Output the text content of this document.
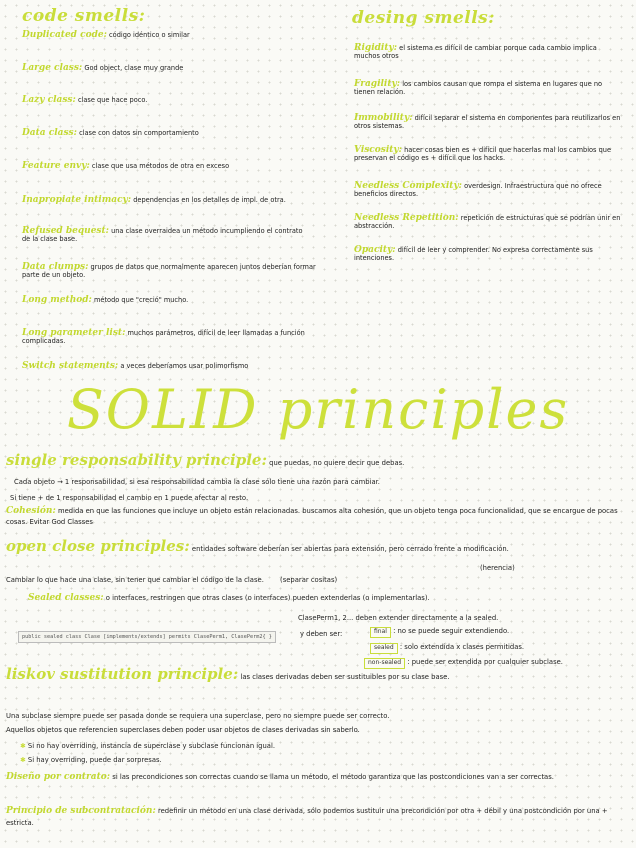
code smells:
Duplicated code: código idéntico o similar
Large class: God object, clase muy grande
Lazy class: clase que hace poco.
Data class: clase con datos sin comportamiento
Feature envy: clase que usa métodos de otra en exceso
Inapropiate intimacy: dependencias en los detalles de impl. de otra.
Refused bequest: una clase overraidea un método incumpliendo el contrato de la clase base.
Data clumps: grupos de datos que normalmente aparecen juntos deberían formar parte de un objeto.
Long method: método que "creció" mucho.
Long parameter list: muchos parámetros, difícil de leer llamadas a función complicadas.
Switch statements: a veces deberíamos usar polimorfismo
desing smells:
Rigidity: el sistema es difícil de cambiar porque cada cambio implica muchos otros
Fragility: los cambios causan que rompa el sistema en lugares que no tienen relación.
Immobility: difícil separar el sistema en componentes para reutilizarlos en otros sistemas.
Viscosity: hacer cosas bien es + difícil que hacerlas mal los cambios que preservan el código es + difícil que los hacks.
Needless Complexity: overdesign. Infraestructura que no ofrece beneficios directos.
Needless Repetition: repetición de estructuras que se podrían unir en abstracción.
Opacity: difícil de leer y comprender. No expresa correctamente sus intenciones.
SOLID principles
single responsability principle: que puedas, no quiere decir que debas.
Cada objeto → 1 responsabilidad, si esa responsabilidad cambia la clase sólo tiene una razón para cambiar.
Si tiene + de 1 responsabilidad el cambio en 1 puede afectar al resto.
Cohesión: medida en que las funciones que incluye un objeto están relacionadas. buscamos alta cohesión, que un objeto tenga poca funcionalidad, que se encargue de pocas cosas. Evitar God Classes
open close principles: entidades software deberían ser abiertas para extensión, pero cerrado frente a modificación.
(herencia)
Cambiar lo que hace una clase, sin tener que cambiar el código de la clase. (separar cositas)
Sealed classes: o interfaces, restringen que otras clases (o interfaces) pueden extenderlas (o implementarlas).
ClasePerm1, 2... deben extender directamente a la sealed.
public sealed class Clase [implements/extends] permits ClasePerm1, ClasePerm2{ }	y deben ser:	final : no se puede seguir extendiendo.
sealed : solo extendida x clases permitidas.
non-sealed : puede ser extendida por cualquier subclase.
liskov sustitution principle: las clases derivadas deben ser sustituibles por su clase base.
Una subclase siempre puede ser pasada donde se requiera una superclase, pero no siempre puede ser correcto.
Aquellos objetos que referencien superclases deben poder usar objetos de clases derivadas sin saberlo.
✱ Si no hay overriding, instancia de superclase y subclase funcionan igual.
✱ Si hay overriding, puede dar sorpresas.
Diseño por contrato: si las precondiciones son correctas cuando se llama un método, el método garantiza que las postcondiciones van a ser correctas.
Principio de subcontratación: redefinir un método en una clase derivada, sólo podemos sustituir una precondición por otra + débil y una postcondición por una + estricta.
